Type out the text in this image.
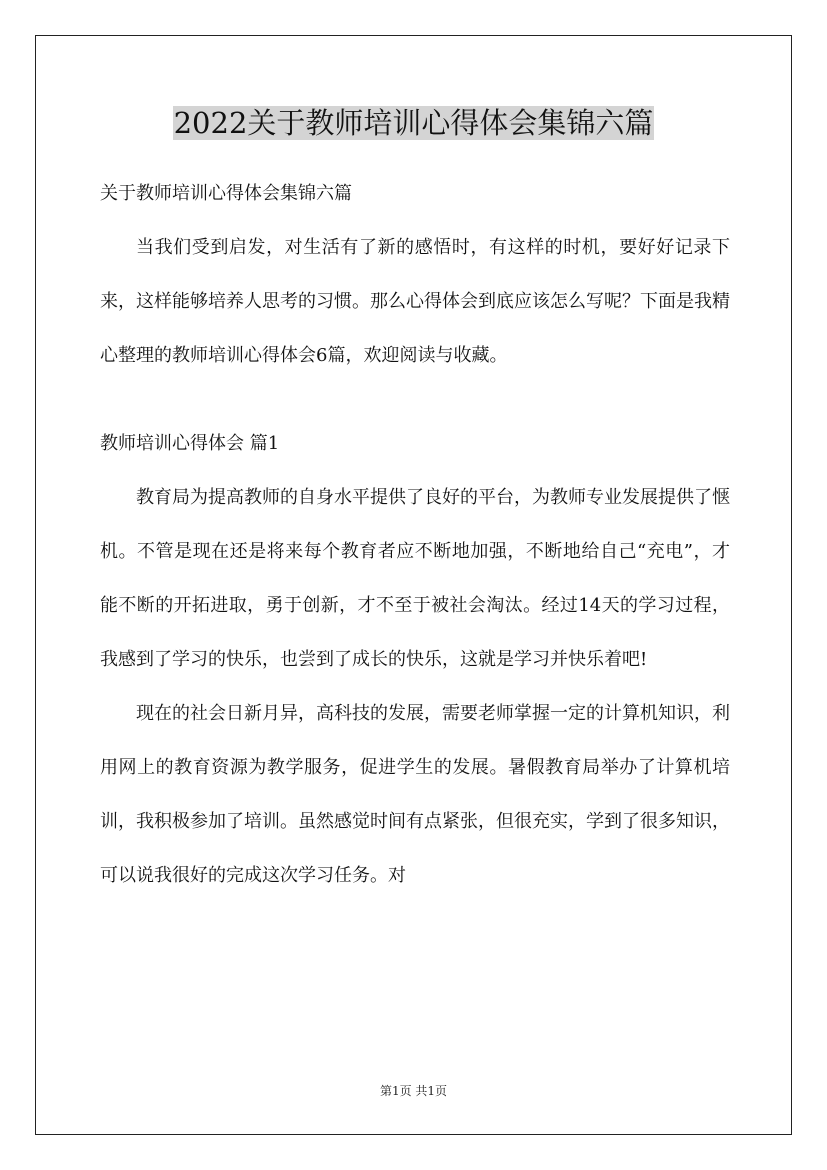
2022关于教师培训心得体会集锦六篇

关于教师培训心得体会集锦六篇

当我们受到启发，对生活有了新的感悟时，有这样的时机，要好好记录下来，这样能够培养人思考的习惯。那么心得体会到底应该怎么写呢？下面是我精心整理的教师培训心得体会6篇，欢迎阅读与收藏。

教师培训心得体会 篇1

教育局为提高教师的自身水平提供了良好的平台，为教师专业发展提供了惬机。不管是现在还是将来每个教育者应不断地加强，不断地给自己“充电”，才能不断的开拓进取，勇于创新，才不至于被社会淘汰。经过14天的学习过程，我感到了学习的快乐，也尝到了成长的快乐，这就是学习并快乐着吧!

现在的社会日新月异，高科技的发展，需要老师掌握一定的计算机知识，利用网上的教育资源为教学服务，促进学生的发展。暑假教育局举办了计算机培训，我积极参加了培训。虽然感觉时间有点紧张，但很充实，学到了很多知识，可以说我很好的完成这次学习任务。对

第1页 共1页
